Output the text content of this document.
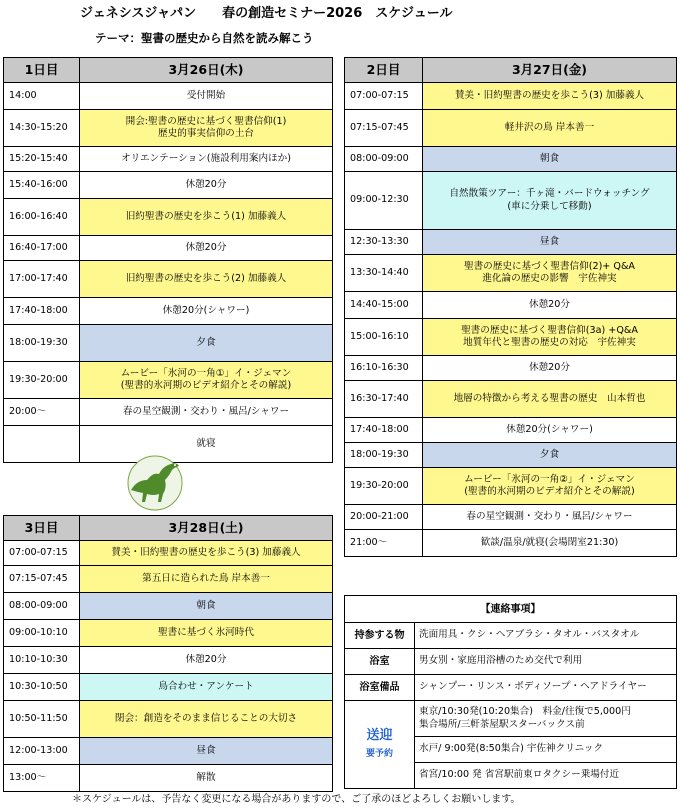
ジェネシスジャパン　　春の創造セミナー2026　スケジュール
テーマ：聖書の歴史から自然を読み解こう
1日目	3月26日(木)
14:00	受付開始
14:30-15:20	開会:聖書の歴史に基づく聖書信仰(1)
歴史的事実信仰の土台
15:20-15:40	オリエンテーション(施設利用案内ほか)
15:40-16:00	休憩20分
16:00-16:40	旧約聖書の歴史を歩こう(1) 加藤義人
16:40-17:00	休憩20分
17:00-17:40	旧約聖書の歴史を歩こう(2) 加藤義人
17:40-18:00	休憩20分(シャワー)
18:00-19:30	夕食
19:30-20:00	ムービー「氷河の一角①」イ・ジェマン
(聖書的氷河期のビデオ紹介とその解説)
20:00～	春の星空観測・交わり・風呂/シャワー
	就寝
2日目	3月27日(金)
07:00-07:15	賛美・旧約聖書の歴史を歩こう(3) 加藤義人
07:15-07:45	軽井沢の鳥 岸本善一
08:00-09:00	朝食
09:00-12:30	自然散策ツアー：千ヶ滝・バードウォッチング
(車に分乗して移動)
12:30-13:30	昼食
13:30-14:40	聖書の歴史に基づく聖書信仰(2)+ Q&A
進化論の歴史の影響　宇佐神実
14:40-15:00	休憩20分
15:00-16:10	聖書の歴史に基づく聖書信仰(3a) +Q&A
地質年代と聖書の歴史の対応　宇佐神実
16:10-16:30	休憩20分
16:30-17:40	地層の特徴から考える聖書の歴史　山本哲也
17:40-18:00	休憩20分(シャワー)
18:00-19:30	夕食
19:30-20:00	ムービー「氷河の一角②」イ・ジェマン
(聖書的氷河期のビデオ紹介とその解説)
20:00-21:00	春の星空観測・交わり・風呂/シャワー
21:00～	歓談/温泉/就寝(会場閉室21:30)
3日目	3月28日(土)
07:00-07:15	賛美・旧約聖書の歴史を歩こう(3) 加藤義人
07:15-07:45	第五日に造られた鳥 岸本善一
08:00-09:00	朝食
09:00-10:10	聖書に基づく氷河時代
10:10-10:30	休憩20分
10:30-10:50	鳥合わせ・アンケート
10:50-11:50	閉会：創造をそのまま信じることの大切さ
12:00-13:00	昼食
13:00～	解散
【連絡事項】	
持参する物	洗面用具・クシ・ヘアブラシ・タオル・バスタオル
浴室	男女別・家庭用浴槽のため交代で利用
浴室備品	シャンプー・リンス・ボディソープ・ヘアドライヤー

送迎
要予約	東京/10:30発(10:20集合)　料金/往復で5,000円
集合場所/三軒茶屋駅スターバックス前
	水戸/ 9:00発(8:50集合) 宇佐神クリニック
	省宮/10:00 発 省宮駅前東ロタクシー乗場付近
＊スケジュールは、予告なく変更になる場合がありますので、ご了承のほどよろしくお願いします。
